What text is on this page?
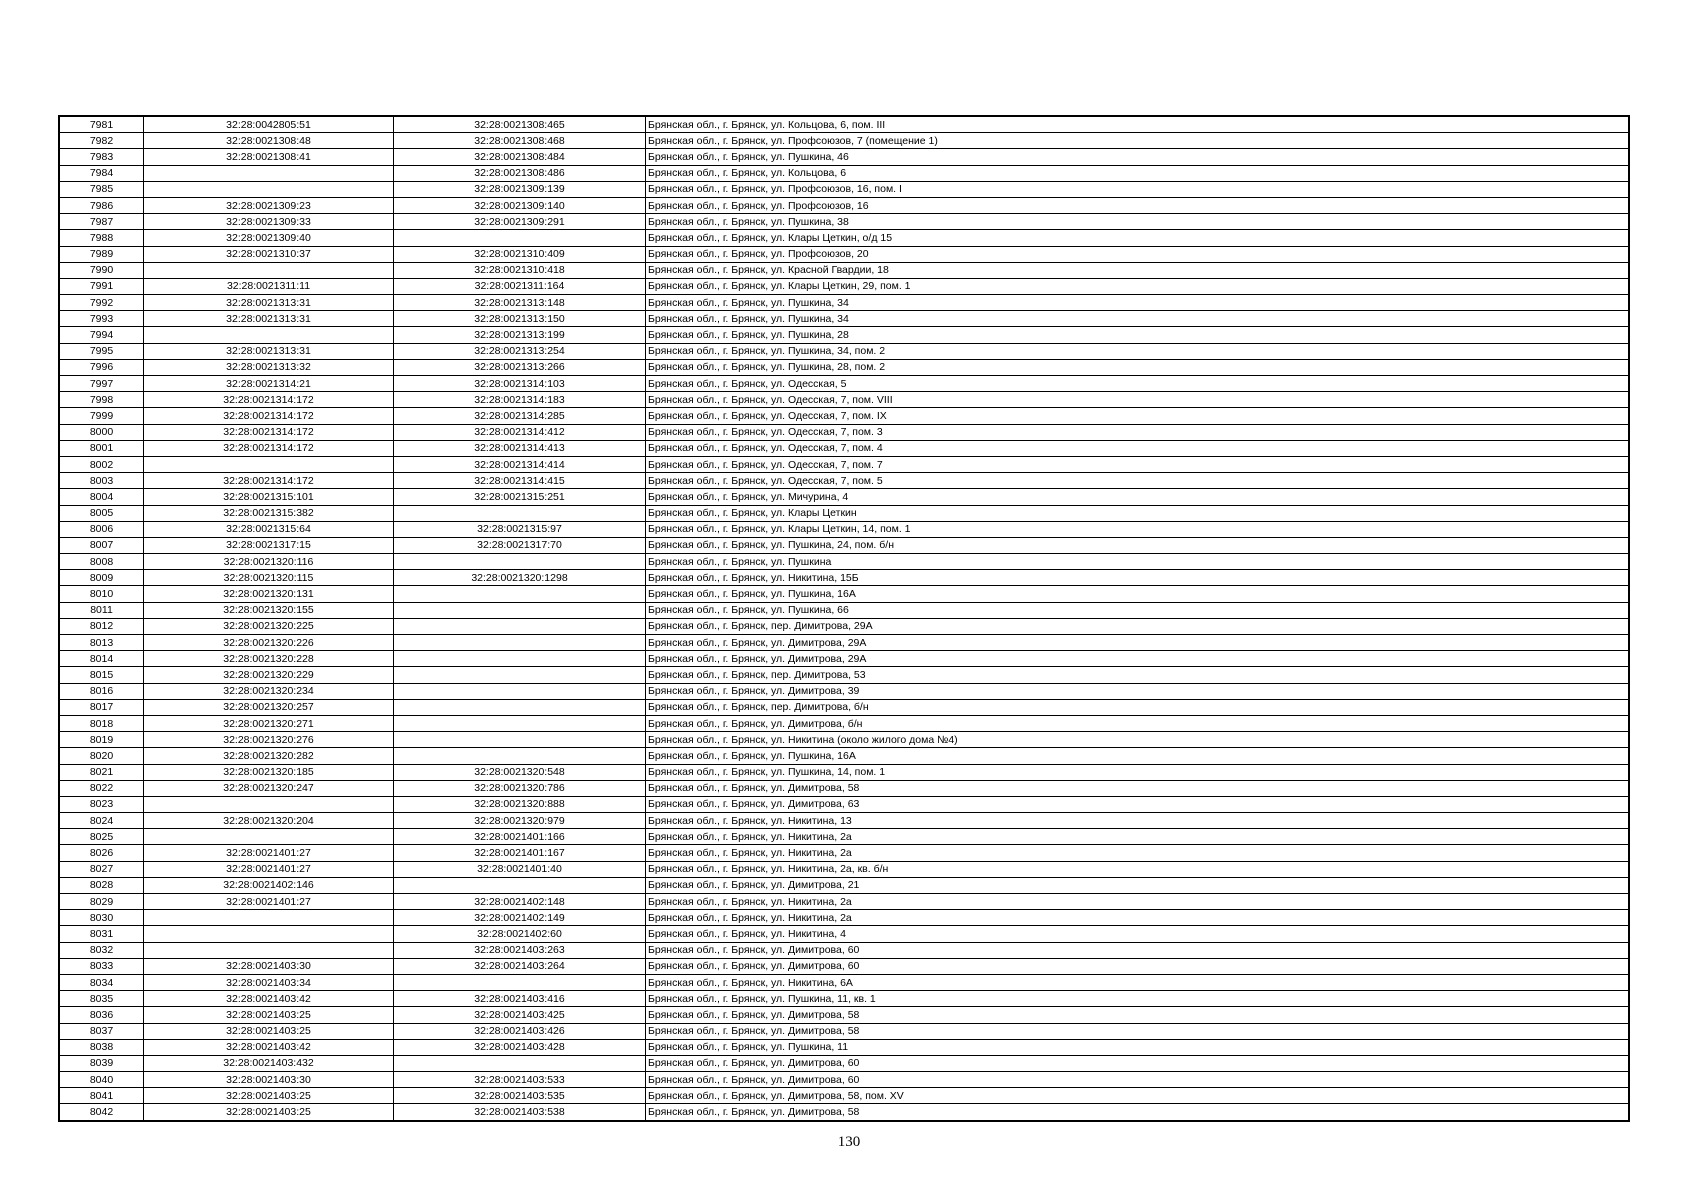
7981	32:28:0042805:51	32:28:0021308:465	Брянская обл., г. Брянск, ул. Кольцова, 6, пом. III
7982	32:28:0021308:48	32:28:0021308:468	Брянская обл., г. Брянск, ул. Профсоюзов, 7 (помещение 1)
7983	32:28:0021308:41	32:28:0021308:484	Брянская обл., г. Брянск, ул. Пушкина, 46
7984		32:28:0021308:486	Брянская обл., г. Брянск, ул. Кольцова, 6
7985		32:28:0021309:139	Брянская обл., г. Брянск, ул. Профсоюзов, 16, пом. I
7986	32:28:0021309:23	32:28:0021309:140	Брянская обл., г. Брянск, ул. Профсоюзов, 16
7987	32:28:0021309:33	32:28:0021309:291	Брянская обл., г. Брянск, ул. Пушкина, 38
7988	32:28:0021309:40		Брянская обл., г. Брянск, ул. Клары Цеткин, о/д 15
7989	32:28:0021310:37	32:28:0021310:409	Брянская обл., г. Брянск, ул. Профсоюзов, 20
7990		32:28:0021310:418	Брянская обл., г. Брянск, ул. Красной Гвардии, 18
7991	32:28:0021311:11	32:28:0021311:164	Брянская обл., г. Брянск, ул. Клары Цеткин, 29, пом. 1
7992	32:28:0021313:31	32:28:0021313:148	Брянская обл., г. Брянск, ул. Пушкина, 34
7993	32:28:0021313:31	32:28:0021313:150	Брянская обл., г. Брянск, ул. Пушкина, 34
7994		32:28:0021313:199	Брянская обл., г. Брянск, ул. Пушкина, 28
7995	32:28:0021313:31	32:28:0021313:254	Брянская обл., г. Брянск, ул. Пушкина, 34, пом. 2
7996	32:28:0021313:32	32:28:0021313:266	Брянская обл., г. Брянск, ул. Пушкина, 28, пом. 2
7997	32:28:0021314:21	32:28:0021314:103	Брянская обл., г. Брянск, ул. Одесская, 5
7998	32:28:0021314:172	32:28:0021314:183	Брянская обл., г. Брянск, ул. Одесская, 7, пом. VIII
7999	32:28:0021314:172	32:28:0021314:285	Брянская обл., г. Брянск, ул. Одесская, 7, пом. IX
8000	32:28:0021314:172	32:28:0021314:412	Брянская обл., г. Брянск, ул. Одесская, 7, пом. 3
8001	32:28:0021314:172	32:28:0021314:413	Брянская обл., г. Брянск, ул. Одесская, 7, пом. 4
8002		32:28:0021314:414	Брянская обл., г. Брянск, ул. Одесская, 7, пом. 7
8003	32:28:0021314:172	32:28:0021314:415	Брянская обл., г. Брянск, ул. Одесская, 7, пом. 5
8004	32:28:0021315:101	32:28:0021315:251	Брянская обл., г. Брянск, ул. Мичурина, 4
8005	32:28:0021315:382		Брянская обл., г. Брянск, ул. Клары Цеткин
8006	32:28:0021315:64	32:28:0021315:97	Брянская обл., г. Брянск, ул. Клары Цеткин, 14, пом. 1
8007	32:28:0021317:15	32:28:0021317:70	Брянская обл., г. Брянск, ул. Пушкина, 24, пом. б/н
8008	32:28:0021320:116		Брянская обл., г. Брянск, ул. Пушкина
8009	32:28:0021320:115	32:28:0021320:1298	Брянская обл., г. Брянск, ул. Никитина, 15Б
8010	32:28:0021320:131		Брянская обл., г. Брянск, ул. Пушкина, 16А
8011	32:28:0021320:155		Брянская обл., г. Брянск, ул. Пушкина, 66
8012	32:28:0021320:225		Брянская обл., г. Брянск, пер. Димитрова, 29А
8013	32:28:0021320:226		Брянская обл., г. Брянск, ул. Димитрова, 29А
8014	32:28:0021320:228		Брянская обл., г. Брянск, ул. Димитрова, 29А
8015	32:28:0021320:229		Брянская обл., г. Брянск, пер. Димитрова, 53
8016	32:28:0021320:234		Брянская обл., г. Брянск, ул. Димитрова, 39
8017	32:28:0021320:257		Брянская обл., г. Брянск, пер. Димитрова, б/н
8018	32:28:0021320:271		Брянская обл., г. Брянск, ул. Димитрова, б/н
8019	32:28:0021320:276		Брянская обл., г. Брянск, ул. Никитина (около жилого дома №4)
8020	32:28:0021320:282		Брянская обл., г. Брянск, ул. Пушкина, 16А
8021	32:28:0021320:185	32:28:0021320:548	Брянская обл., г. Брянск, ул. Пушкина, 14, пом. 1
8022	32:28:0021320:247	32:28:0021320:786	Брянская обл., г. Брянск, ул. Димитрова, 58
8023		32:28:0021320:888	Брянская обл., г. Брянск, ул. Димитрова, 63
8024	32:28:0021320:204	32:28:0021320:979	Брянская обл., г. Брянск, ул. Никитина, 13
8025		32:28:0021401:166	Брянская обл., г. Брянск, ул. Никитина, 2а
8026	32:28:0021401:27	32:28:0021401:167	Брянская обл., г. Брянск, ул. Никитина, 2а
8027	32:28:0021401:27	32:28:0021401:40	Брянская обл., г. Брянск, ул. Никитина, 2а, кв. б/н
8028	32:28:0021402:146		Брянская обл., г. Брянск, ул. Димитрова, 21
8029	32:28:0021401:27	32:28:0021402:148	Брянская обл., г. Брянск, ул. Никитина, 2а
8030		32:28:0021402:149	Брянская обл., г. Брянск, ул. Никитина, 2а
8031		32:28:0021402:60	Брянская обл., г. Брянск, ул. Никитина, 4
8032		32:28:0021403:263	Брянская обл., г. Брянск, ул. Димитрова, 60
8033	32:28:0021403:30	32:28:0021403:264	Брянская обл., г. Брянск, ул. Димитрова, 60
8034	32:28:0021403:34		Брянская обл., г. Брянск, ул. Никитина, 6А
8035	32:28:0021403:42	32:28:0021403:416	Брянская обл., г. Брянск, ул. Пушкина, 11, кв. 1
8036	32:28:0021403:25	32:28:0021403:425	Брянская обл., г. Брянск, ул. Димитрова, 58
8037	32:28:0021403:25	32:28:0021403:426	Брянская обл., г. Брянск, ул. Димитрова, 58
8038	32:28:0021403:42	32:28:0021403:428	Брянская обл., г. Брянск, ул. Пушкина, 11
8039	32:28:0021403:432		Брянская обл., г. Брянск, ул. Димитрова, 60
8040	32:28:0021403:30	32:28:0021403:533	Брянская обл., г. Брянск, ул. Димитрова, 60
8041	32:28:0021403:25	32:28:0021403:535	Брянская обл., г. Брянск, ул. Димитрова, 58, пом. XV
8042	32:28:0021403:25	32:28:0021403:538	Брянская обл., г. Брянск, ул. Димитрова, 58
130
